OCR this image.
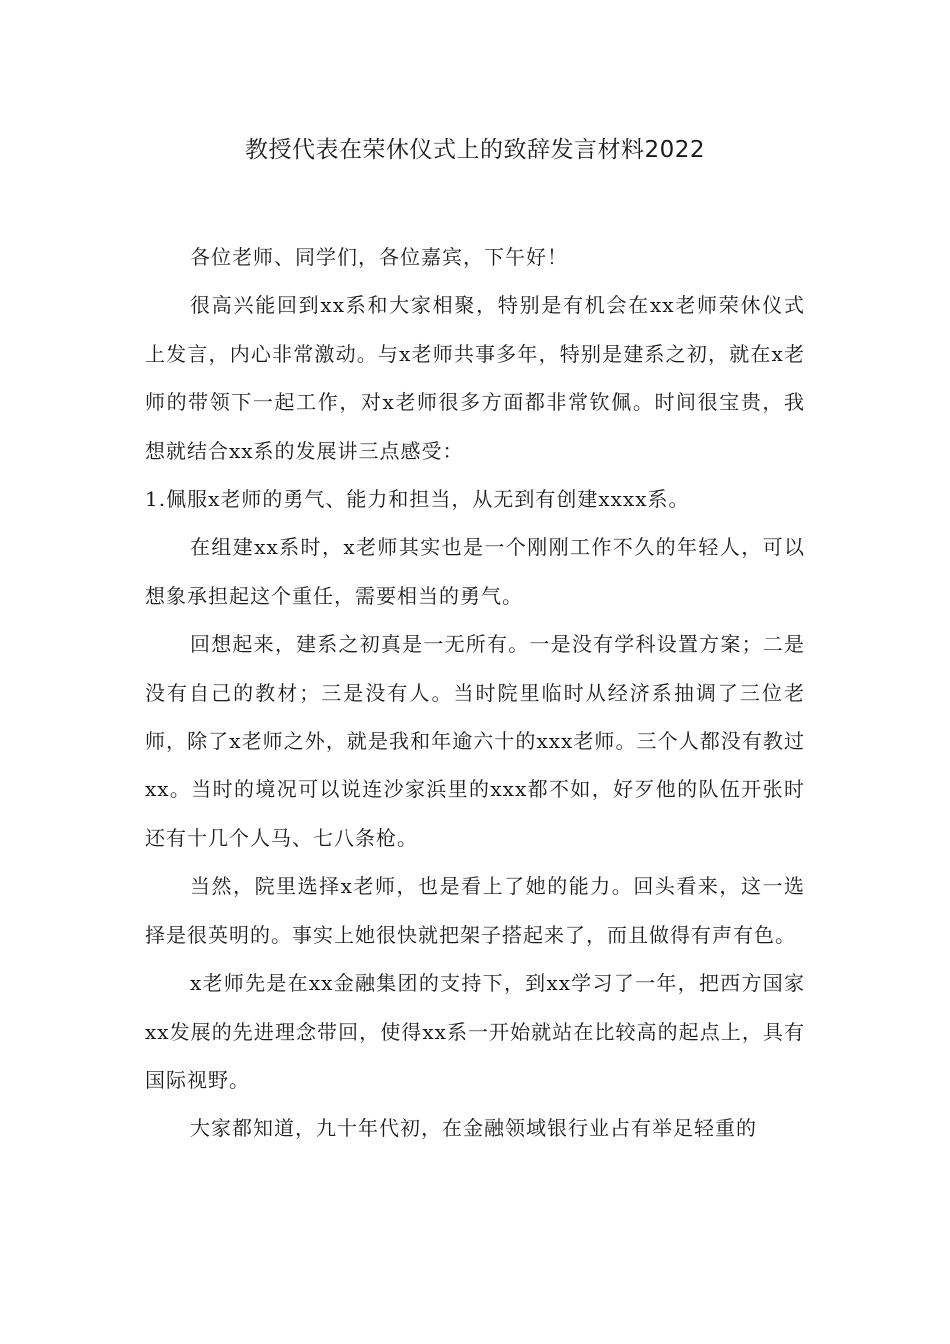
教授代表在荣休仪式上的致辞发言材料2022

各位老师、同学们，各位嘉宾，下午好！

很高兴能回到xx系和大家相聚，特别是有机会在xx老师荣休仪式上发言，内心非常激动。与x老师共事多年，特别是建系之初，就在x老师的带领下一起工作，对x老师很多方面都非常钦佩。时间很宝贵，我想就结合xx系的发展讲三点感受：

1.佩服x老师的勇气、能力和担当，从无到有创建xxxx系。

在组建xx系时，x老师其实也是一个刚刚工作不久的年轻人，可以想象承担起这个重任，需要相当的勇气。

回想起来，建系之初真是一无所有。一是没有学科设置方案；二是没有自己的教材；三是没有人。当时院里临时从经济系抽调了三位老师，除了x老师之外，就是我和年逾六十的xxx老师。三个人都没有教过xx。当时的境况可以说连沙家浜里的xxx都不如，好歹他的队伍开张时还有十几个人马、七八条枪。

当然，院里选择x老师，也是看上了她的能力。回头看来，这一选择是很英明的。事实上她很快就把架子搭起来了，而且做得有声有色。

x老师先是在xx金融集团的支持下，到xx学习了一年，把西方国家xx发展的先进理念带回，使得xx系一开始就站在比较高的起点上，具有国际视野。

大家都知道，九十年代初，在金融领域银行业占有举足轻重的
